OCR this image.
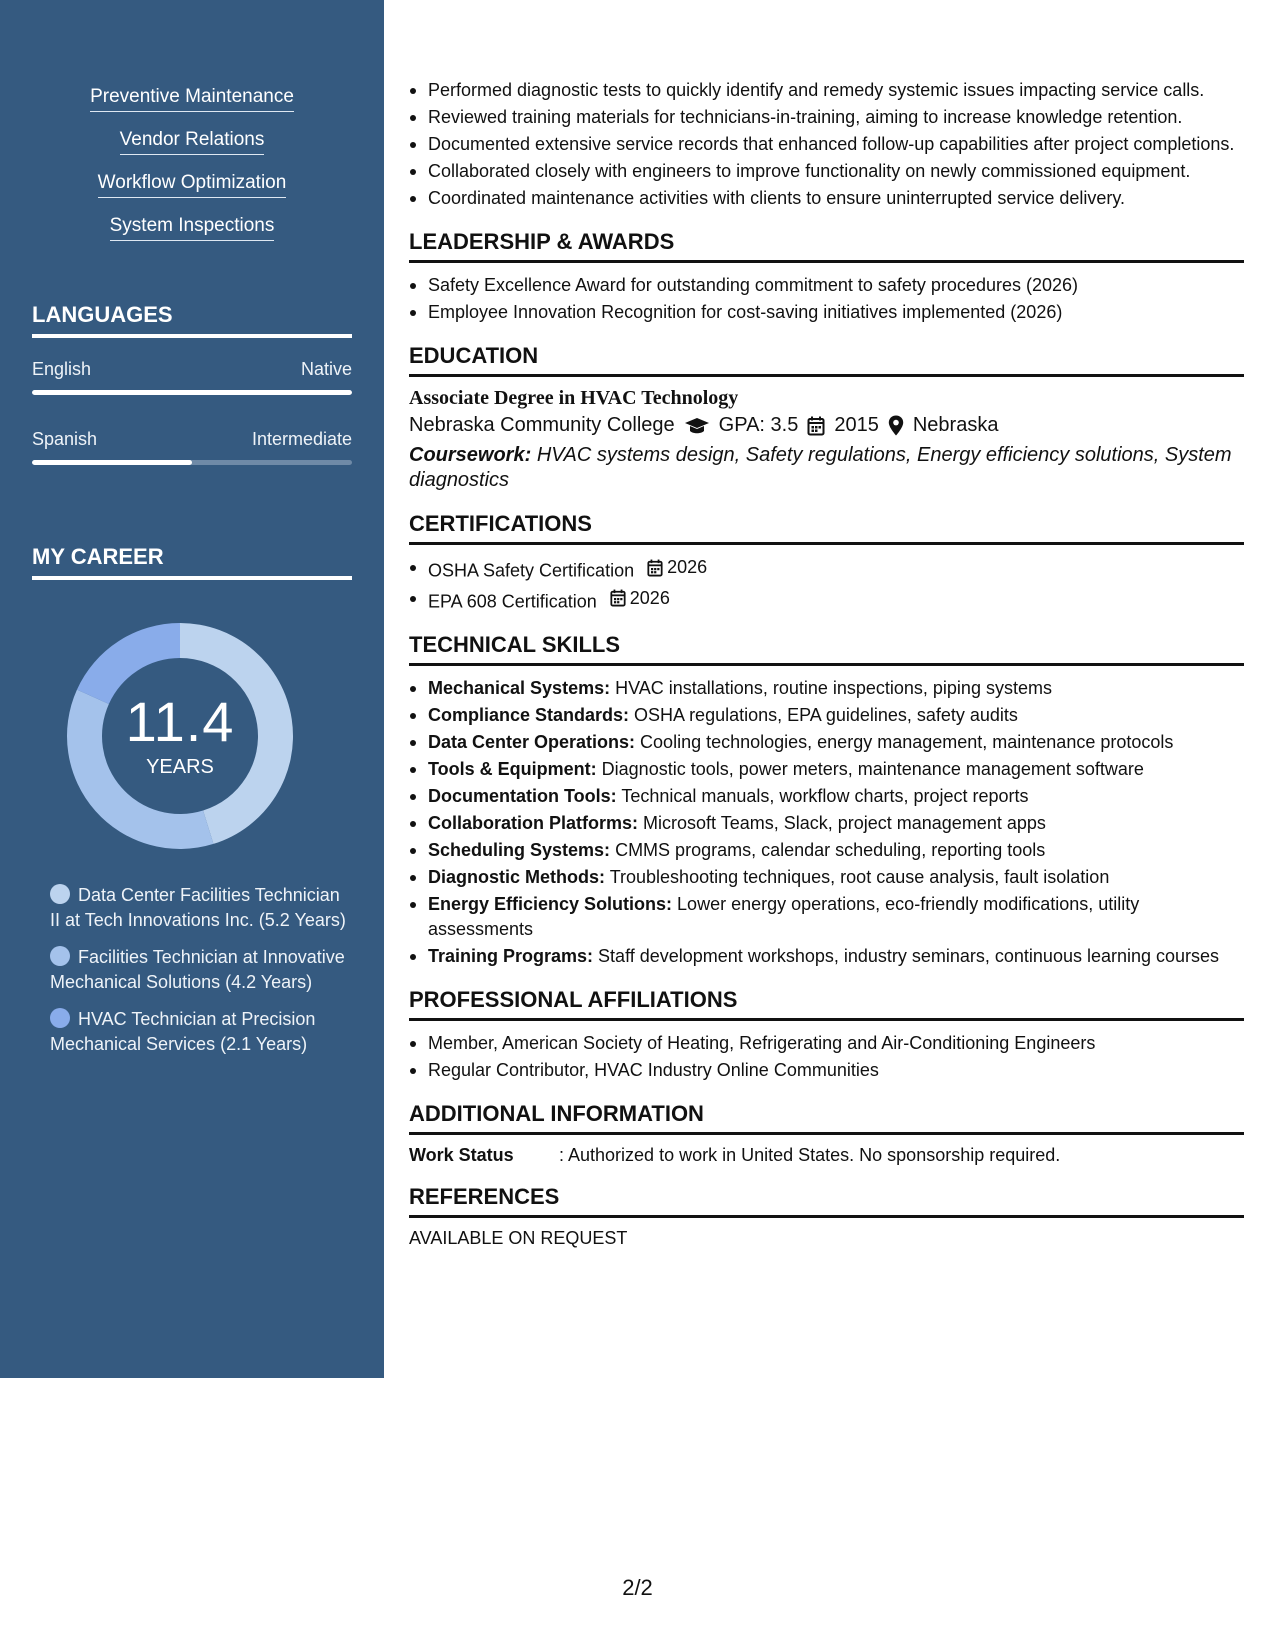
Preventive Maintenance
Vendor Relations
Workflow Optimization
System Inspections
LANGUAGES
English	Native
Spanish	Intermediate
MY CAREER
11.4
YEARS
Data Center Facilities Technician II at Tech Innovations Inc. (5.2 Years)
Facilities Technician at Innovative Mechanical Solutions (4.2 Years)
HVAC Technician at Precision Mechanical Services (2.1 Years)
Performed diagnostic tests to quickly identify and remedy systemic issues impacting service calls.
Reviewed training materials for technicians-in-training, aiming to increase knowledge retention.
Documented extensive service records that enhanced follow-up capabilities after project completions.
Collaborated closely with engineers to improve functionality on newly commissioned equipment.
Coordinated maintenance activities with clients to ensure uninterrupted service delivery.
LEADERSHIP & AWARDS
Safety Excellence Award for outstanding commitment to safety procedures (2026)
Employee Innovation Recognition for cost-saving initiatives implemented (2026)
EDUCATION
Associate Degree in HVAC Technology
Nebraska Community College GPA: 3.5 2015 Nebraska
Coursework: HVAC systems design, Safety regulations, Energy efficiency solutions, System diagnostics
CERTIFICATIONS
OSHA Safety Certification 2026
EPA 608 Certification 2026
TECHNICAL SKILLS
Mechanical Systems: HVAC installations, routine inspections, piping systems
Compliance Standards: OSHA regulations, EPA guidelines, safety audits
Data Center Operations: Cooling technologies, energy management, maintenance protocols
Tools & Equipment: Diagnostic tools, power meters, maintenance management software
Documentation Tools: Technical manuals, workflow charts, project reports
Collaboration Platforms: Microsoft Teams, Slack, project management apps
Scheduling Systems: CMMS programs, calendar scheduling, reporting tools
Diagnostic Methods: Troubleshooting techniques, root cause analysis, fault isolation
Energy Efficiency Solutions: Lower energy operations, eco-friendly modifications, utility assessments
Training Programs: Staff development workshops, industry seminars, continuous learning courses
PROFESSIONAL AFFILIATIONS
Member, American Society of Heating, Refrigerating and Air-Conditioning Engineers
Regular Contributor, HVAC Industry Online Communities
ADDITIONAL INFORMATION
Work Status	: Authorized to work in United States. No sponsorship required.
REFERENCES
AVAILABLE ON REQUEST
2/2
